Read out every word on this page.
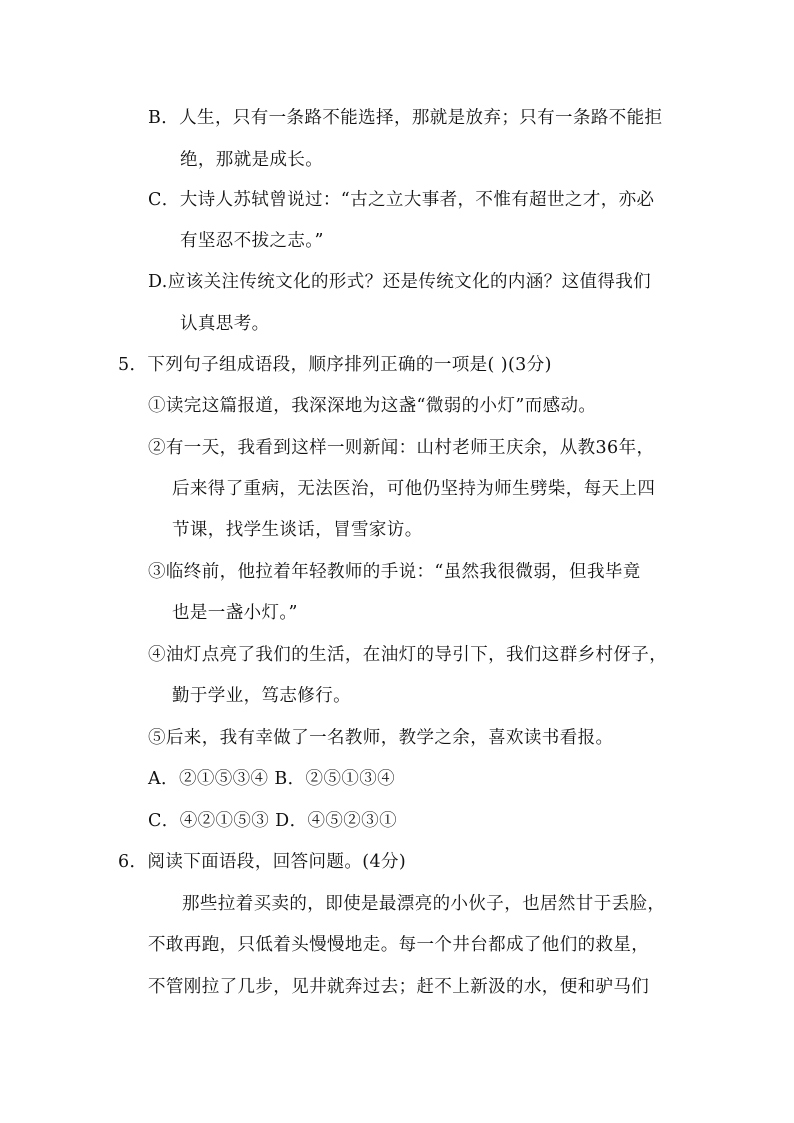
B．人生，只有一条路不能选择，那就是放弃；只有一条路不能拒
绝，那就是成长。
C．大诗人苏轼曾说过：“古之立大事者，不惟有超世之才，亦必
有坚忍不拔之志。”
D.应该关注传统文化的形式？还是传统文化的内涵？这值得我们
认真思考。
5．下列句子组成语段，顺序排列正确的一项是( )(3分)
①读完这篇报道，我深深地为这盏“微弱的小灯”而感动。
②有一天，我看到这样一则新闻：山村老师王庆余，从教36年，
后来得了重病，无法医治，可他仍坚持为师生劈柴，每天上四
节课，找学生谈话，冒雪家访。
③临终前，他拉着年轻教师的手说：“虽然我很微弱，但我毕竟
也是一盏小灯。”
④油灯点亮了我们的生活，在油灯的导引下，我们这群乡村伢子，
勤于学业，笃志修行。
⑤后来，我有幸做了一名教师，教学之余，喜欢读书看报。
A．②①⑤③④ B．②⑤①③④
C．④②①⑤③ D．④⑤②③①
6．阅读下面语段，回答问题。(4分)
那些拉着买卖的，即使是最漂亮的小伙子，也居然甘于丢脸，
不敢再跑，只低着头慢慢地走。每一个井台都成了他们的救星，
不管刚拉了几步，见井就奔过去；赶不上新汲的水，便和驴马们
